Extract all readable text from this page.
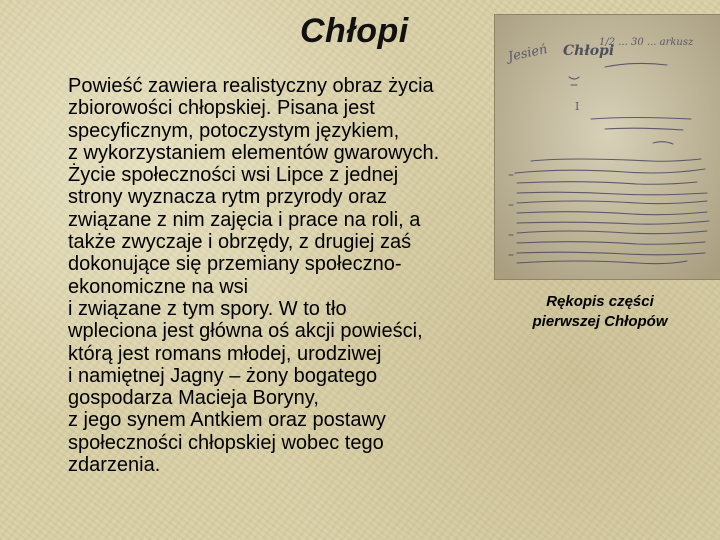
Chłopi
Powieść zawiera realistyczny obraz życia
zbiorowości chłopskiej. Pisana jest
specyficznym, potoczystym językiem,
z wykorzystaniem elementów gwarowych.
Życie społeczności wsi Lipce z jednej
strony wyznacza rytm przyrody oraz
związane z nim zajęcia i prace na roli, a
także zwyczaje i obrzędy, z drugiej zaś
dokonujące się przemiany społeczno-
ekonomiczne na wsi
i związane z tym spory. W to tło
wpleciona jest główna oś akcji powieści,
którą jest romans młodej, urodziwej
i namiętnej Jagny – żony bogatego
gospodarza Macieja Boryny,
z jego synem Antkiem oraz postawy
społeczności chłopskiej wobec tego
zdarzenia.
Jesień Chłopi
1/2 ... 30 ... arkusz
I
Rękopis części
pierwszej Chłopów
